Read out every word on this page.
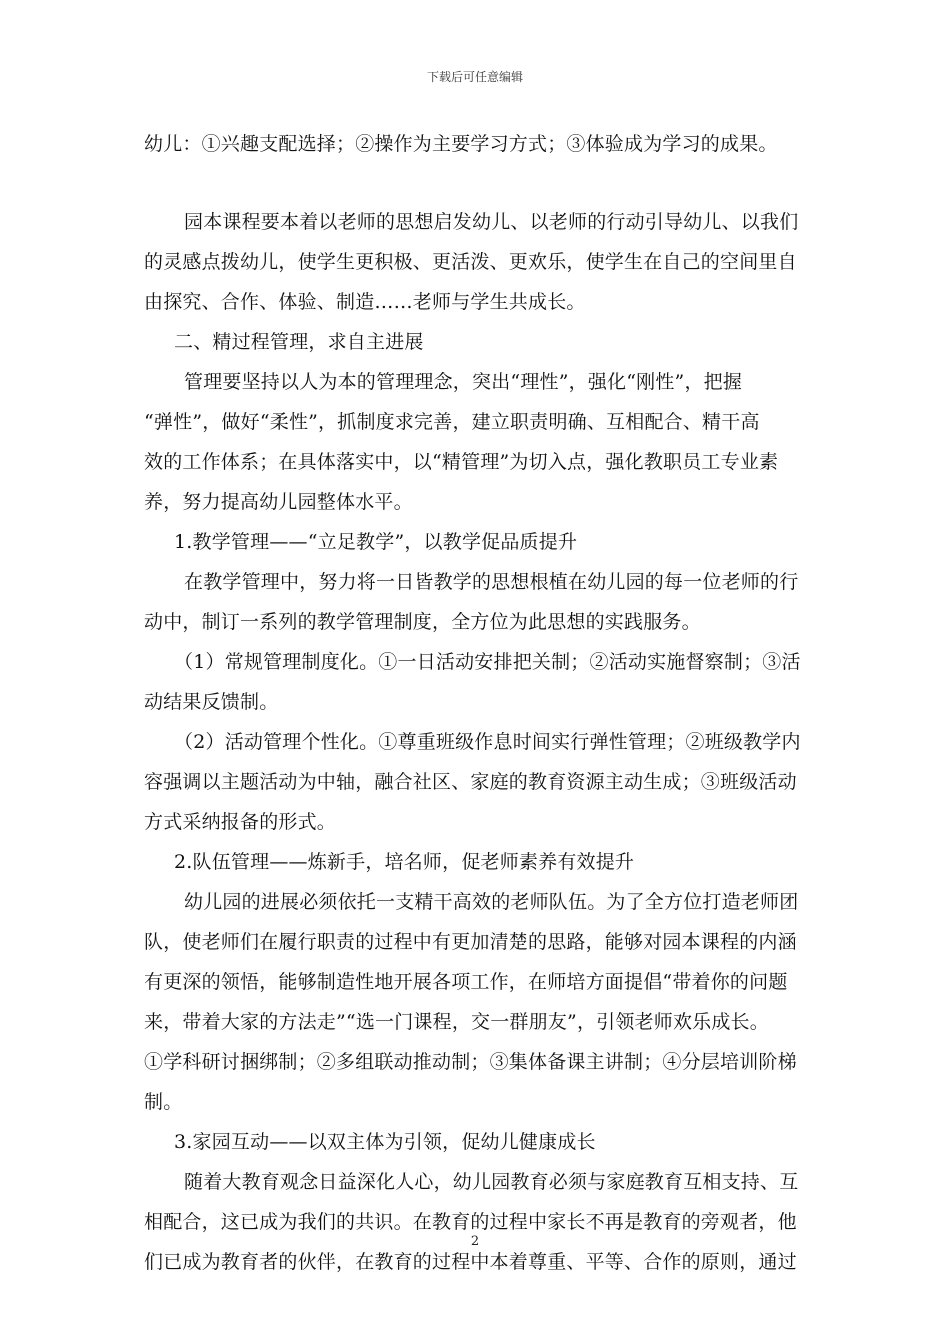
下载后可任意编辑
幼儿：①兴趣支配选择；②操作为主要学习方式；③体验成为学习的成果。
园本课程要本着以老师的思想启发幼儿、以老师的行动引导幼儿、以我们
的灵感点拨幼儿，使学生更积极、更活泼、更欢乐，使学生在自己的空间里自
由探究、合作、体验、制造……老师与学生共成长。
二、精过程管理，求自主进展
管理要坚持以人为本的管理理念，突出“理性”，强化“刚性”，把握
“弹性”，做好“柔性”，抓制度求完善，建立职责明确、互相配合、精干高
效的工作体系；在具体落实中，以“精管理”为切入点，强化教职员工专业素
养，努力提高幼儿园整体水平。
1.教学管理——“立足教学”，以教学促品质提升
在教学管理中，努力将一日皆教学的思想根植在幼儿园的每一位老师的行
动中，制订一系列的教学管理制度，全方位为此思想的实践服务。
（1）常规管理制度化。①一日活动安排把关制；②活动实施督察制；③活
动结果反馈制。
（2）活动管理个性化。①尊重班级作息时间实行弹性管理；②班级教学内
容强调以主题活动为中轴，融合社区、家庭的教育资源主动生成；③班级活动
方式采纳报备的形式。
2.队伍管理——炼新手，培名师，促老师素养有效提升
幼儿园的进展必须依托一支精干高效的老师队伍。为了全方位打造老师团
队，使老师们在履行职责的过程中有更加清楚的思路，能够对园本课程的内涵
有更深的领悟，能够制造性地开展各项工作，在师培方面提倡“带着你的问题
来，带着大家的方法走”“选一门课程，交一群朋友”，引领老师欢乐成长。
①学科研讨捆绑制；②多组联动推动制；③集体备课主讲制；④分层培训阶梯
制。
3.家园互动——以双主体为引领，促幼儿健康成长
随着大教育观念日益深化人心，幼儿园教育必须与家庭教育互相支持、互
相配合，这已成为我们的共识。在教育的过程中家长不再是教育的旁观者，他
们已成为教育者的伙伴，在教育的过程中本着尊重、平等、合作的原则，通过
2
